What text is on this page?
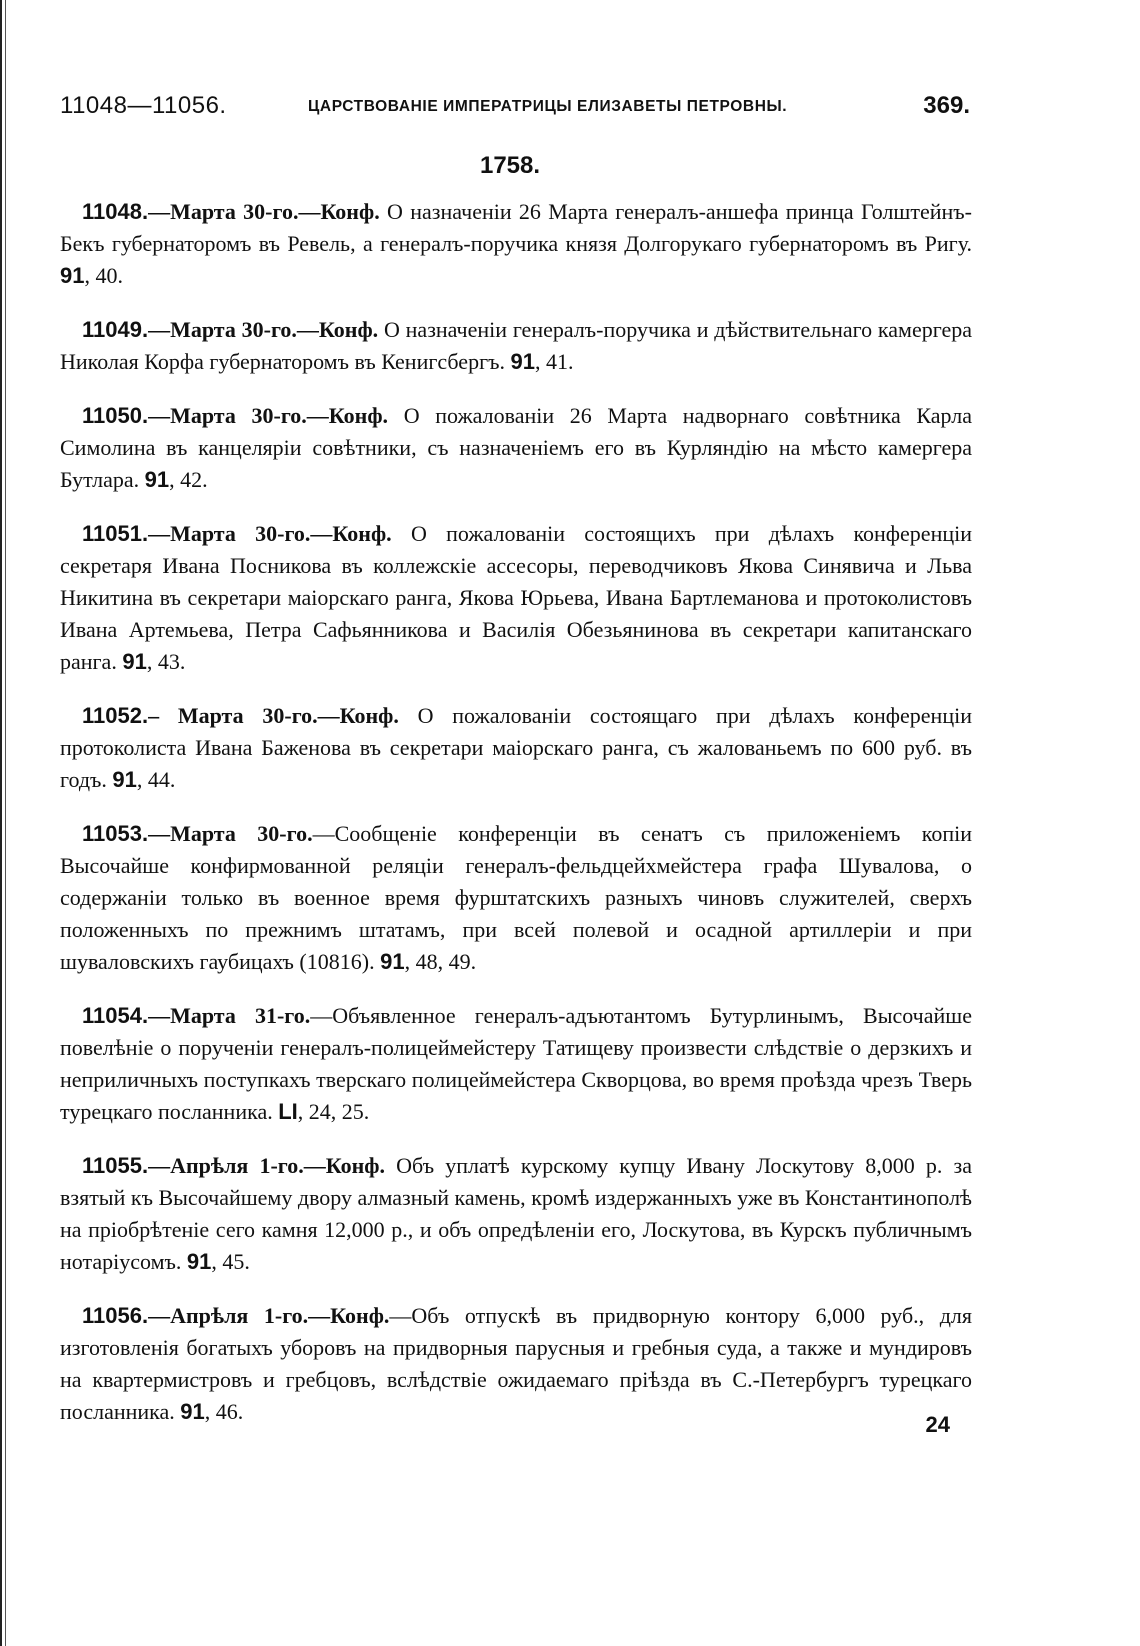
11048—11056.	ЦАРСТВОВАНІЕ ИМПЕРАТРИЦЫ ЕЛИЗАВЕТЫ ПЕТРОВНЫ.	369.
1758.

11048.—Марта 30-го.—Конф. О назначеніи 26 Марта генералъ-аншефа принца Голштейнъ-Бекъ губернаторомъ въ Ревель, а генералъ-поручика князя Долгорукаго губернаторомъ въ Ригу. 91, 40.

11049.—Марта 30-го.—Конф. О назначеніи генералъ-поручика и дѣйствительнаго камергера Николая Корфа губернаторомъ въ Кенигсбергъ. 91, 41.

11050.—Марта 30-го.—Конф. О пожалованіи 26 Марта надворнаго совѣтника Карла Симолина въ канцеляріи совѣтники, съ назначеніемъ его въ Курляндію на мѣсто камергера Бутлара. 91, 42.

11051.—Марта 30-го.—Конф. О пожалованіи состоящихъ при дѣлахъ конференціи секретаря Ивана Посникова въ коллежскіе ассесоры, переводчиковъ Якова Синявича и Льва Никитина въ секретари маіорскаго ранга, Якова Юрьева, Ивана Бартлеманова и протоколистовъ Ивана Артемьева, Петра Сафьянникова и Василія Обезьянинова въ секретари капитанскаго ранга. 91, 43.

11052.– Марта 30-го.—Конф. О пожалованіи состоящаго при дѣлахъ конференціи протоколиста Ивана Баженова въ секретари маіорскаго ранга, съ жалованьемъ по 600 руб. въ годъ. 91, 44.

11053.—Марта 30-го.—Сообщеніе конференціи въ сенатъ съ приложеніемъ копіи Высочайше конфирмованной реляціи генералъ-фельдцейхмейстера графа Шувалова, о содержаніи только въ военное время фурштатскихъ разныхъ чиновъ служителей, сверхъ положенныхъ по прежнимъ штатамъ, при всей полевой и осадной артиллеріи и при шуваловскихъ гаубицахъ (10816). 91, 48, 49.

11054.—Марта 31-го.—Объявленное генералъ-адъютантомъ Бутурлинымъ, Высочайше повелѣніе о порученіи генералъ-полицеймейстеру Татищеву произвести слѣдствіе о дерзкихъ и неприличныхъ поступкахъ тверскаго полицеймейстера Скворцова, во время проѣзда чрезъ Тверь турецкаго посланника. LI, 24, 25.

11055.—Апрѣля 1-го.—Конф. Объ уплатѣ курскому купцу Ивану Лоскутову 8,000 р. за взятый къ Высочайшему двору алмазный камень, кромѣ издержанныхъ уже въ Константинополѣ на пріобрѣтеніе сего камня 12,000 р., и объ опредѣленіи его, Лоскутова, въ Курскъ публичнымъ нотаріусомъ. 91, 45.

11056.—Апрѣля 1-го.—Конф.—Объ отпускѣ въ придворную контору 6,000 руб., для изготовленія богатыхъ уборовъ на придворныя парусныя и гребныя суда, а также и мундировъ на квартермистровъ и гребцовъ, вслѣдствіе ожидаемаго пріѣзда въ С.-Петербургъ турецкаго посланника. 91, 46.

24
